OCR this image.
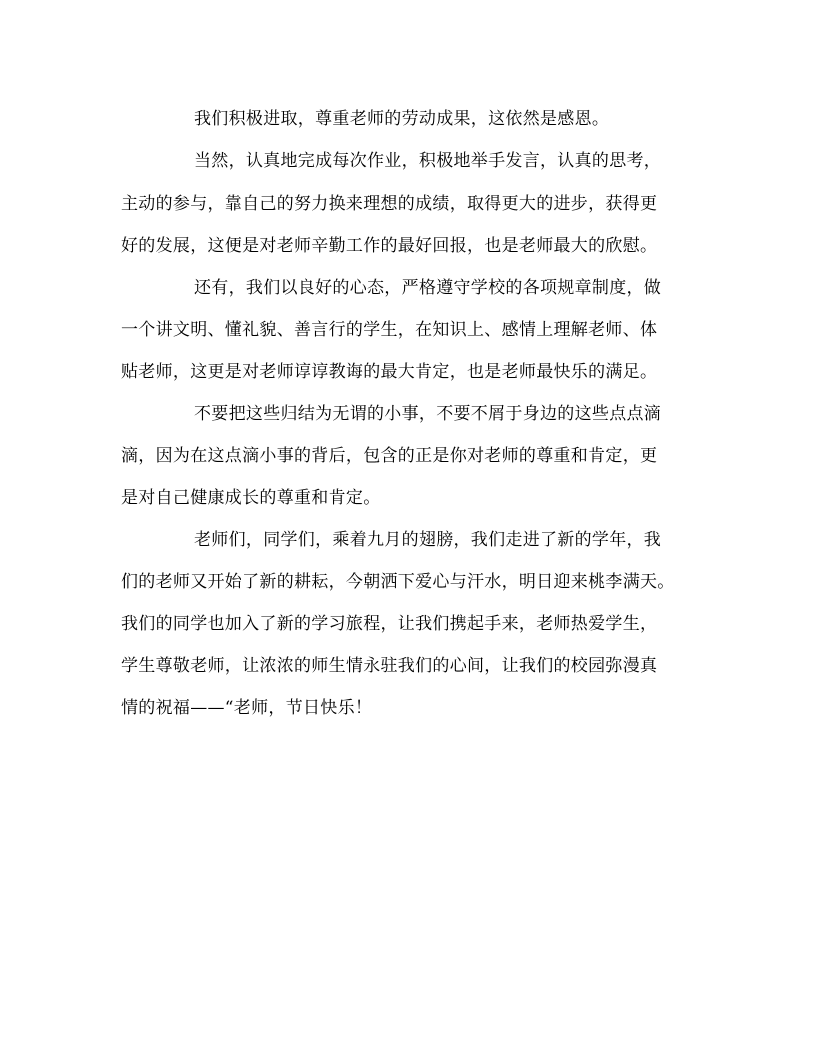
我们积极进取，尊重老师的劳动成果，这依然是感恩。
当然，认真地完成每次作业，积极地举手发言，认真的思考，
主动的参与，靠自己的努力换来理想的成绩，取得更大的进步，获得更
好的发展，这便是对老师辛勤工作的最好回报，也是老师最大的欣慰。
还有，我们以良好的心态，严格遵守学校的各项规章制度，做
一个讲文明、懂礼貌、善言行的学生，在知识上、感情上理解老师、体
贴老师，这更是对老师谆谆教诲的最大肯定，也是老师最快乐的满足。
不要把这些归结为无谓的小事，不要不屑于身边的这些点点滴
滴，因为在这点滴小事的背后，包含的正是你对老师的尊重和肯定，更
是对自己健康成长的尊重和肯定。
老师们，同学们，乘着九月的翅膀，我们走进了新的学年，我
们的老师又开始了新的耕耘，今朝洒下爱心与汗水，明日迎来桃李满天。
我们的同学也加入了新的学习旅程，让我们携起手来，老师热爱学生，
学生尊敬老师，让浓浓的师生情永驻我们的心间，让我们的校园弥漫真
情的祝福——“老师，节日快乐！
